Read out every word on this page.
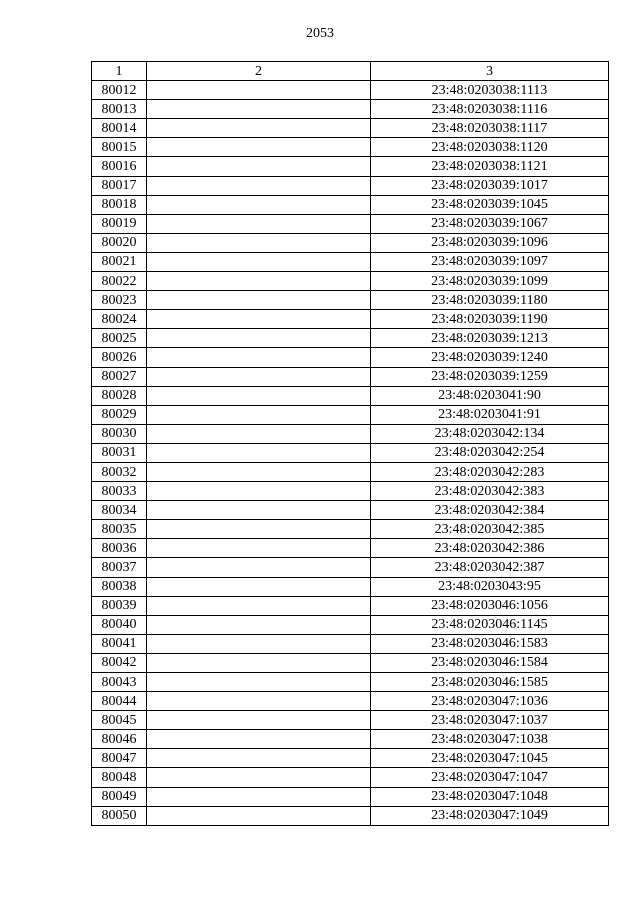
2053
1	2	3
80012		23:48:0203038:1113
80013		23:48:0203038:1116
80014		23:48:0203038:1117
80015		23:48:0203038:1120
80016		23:48:0203038:1121
80017		23:48:0203039:1017
80018		23:48:0203039:1045
80019		23:48:0203039:1067
80020		23:48:0203039:1096
80021		23:48:0203039:1097
80022		23:48:0203039:1099
80023		23:48:0203039:1180
80024		23:48:0203039:1190
80025		23:48:0203039:1213
80026		23:48:0203039:1240
80027		23:48:0203039:1259
80028		23:48:0203041:90
80029		23:48:0203041:91
80030		23:48:0203042:134
80031		23:48:0203042:254
80032		23:48:0203042:283
80033		23:48:0203042:383
80034		23:48:0203042:384
80035		23:48:0203042:385
80036		23:48:0203042:386
80037		23:48:0203042:387
80038		23:48:0203043:95
80039		23:48:0203046:1056
80040		23:48:0203046:1145
80041		23:48:0203046:1583
80042		23:48:0203046:1584
80043		23:48:0203046:1585
80044		23:48:0203047:1036
80045		23:48:0203047:1037
80046		23:48:0203047:1038
80047		23:48:0203047:1045
80048		23:48:0203047:1047
80049		23:48:0203047:1048
80050		23:48:0203047:1049
